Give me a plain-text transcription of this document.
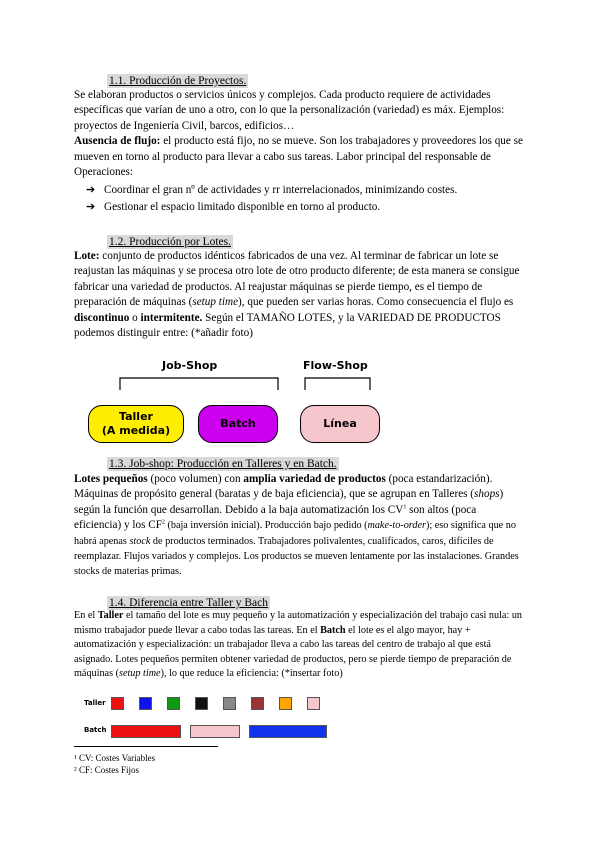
1.1. Producción de Proyectos.
Se elaboran productos o servicios únicos y complejos. Cada producto requiere de actividades específicas que varían de uno a otro, con lo que la personalización (variedad) es máx. Ejemplos: proyectos de Ingeniería Civil, barcos, edificios…
Ausencia de flujo: el producto está fijo, no se mueve. Son los trabajadores y proveedores los que se mueven en torno al producto para llevar a cabo sus tareas. Labor principal del responsable de Operaciones:
➔ Coordinar el gran nº de actividades y rr interrelacionados, minimizando costes.
➔ Gestionar el espacio limitado disponible en torno al producto.
1.2. Producción por Lotes.
Lote: conjunto de productos idénticos fabricados de una vez. Al terminar de fabricar un lote se reajustan las máquinas y se procesa otro lote de otro producto diferente; de esta manera se consigue fabricar una variedad de productos. Al reajustar máquinas se pierde tiempo, es el tiempo de preparación de máquinas (setup time), que pueden ser varias horas. Como consecuencia el flujo es discontinuo o intermitente. Según el TAMAÑO LOTES, y la VARIEDAD DE PRODUCTOS podemos distinguir entre: (*añadir foto)
Job-Shop	Flow-Shop
Taller
(A medida)
Batch	Línea
1.3. Job-shop: Producción en Talleres y en Batch.
Lotes pequeños (poco volumen) con amplia variedad de productos (poca estandarización). Máquinas de propósito general (baratas y de baja eficiencia), que se agrupan en Talleres (shops) según la función que desarrollan. Debido a la baja automatización los $CV^1$ son altos (poca eficiencia) y los $CF^2$ (baja inversión inicial). Producción bajo pedido (make-to-order); eso significa que no habrá apenas stock de productos terminados. Trabajadores polivalentes, cualificados, caros, difíciles de reemplazar. Flujos variados y complejos. Los productos se mueven lentamente por las instalaciones. Grandes stocks de materias primas.
1.4. Diferencia entre Taller y Bach
En el Taller el tamaño del lote es muy pequeño y la automatización y especialización del trabajo casi nula: un mismo trabajador puede llevar a cabo todas las tareas. En el Batch el lote es el algo mayor, hay + automatización y especialización: un trabajador lleva a cabo las tareas del centro de trabajo al que está asignado. Lotes pequeños permiten obtener variedad de productos, pero se pierde tiempo de preparación de máquinas (setup time), lo que reduce la eficiencia: (*insertar foto)
Taller
Batch
¹ CV: Costes Variables
² CF: Costes Fijos
